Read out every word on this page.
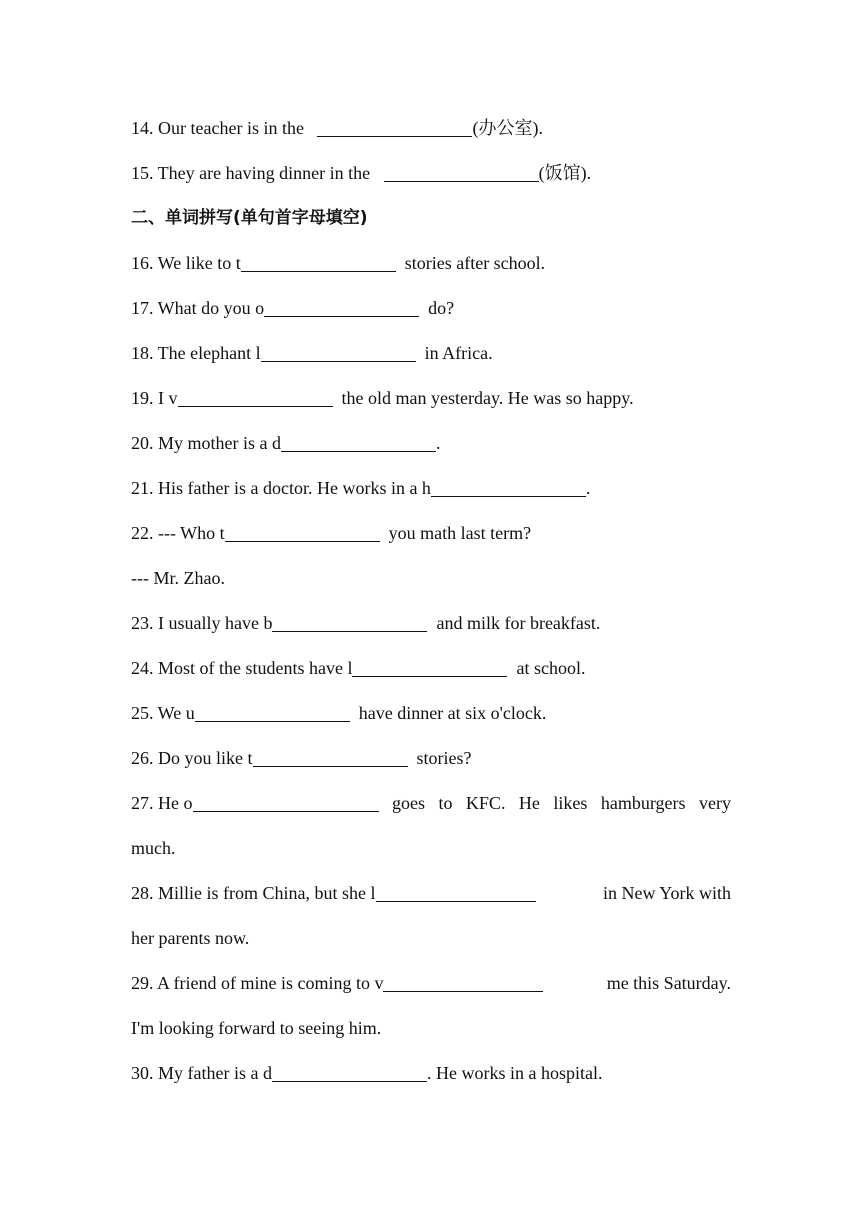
14. Our teacher is in the	(办公室).
15. They are having dinner in the	(饭馆).
二、单词拼写(单句首字母填空)
16. We like to t	stories after school.
17. What do you o	do?
18. The elephant l	in Africa.
19. I v	the old man yesterday. He was so happy.
20. My mother is a d	.
21. His father is a doctor. He works in a h	.
22. --- Who t	you math last term?
--- Mr. Zhao.
23. I usually have b	and milk for breakfast.
24. Most of the students have l	at school.
25. We u	have dinner at six o'clock.
26. Do you like t	stories?
27. He o	goes to KFC. He likes hamburgers very
much.
28. Millie is from China, but she l	in New York with
her parents now.
29. A friend of mine is coming to v	me this Saturday.
I'm looking forward to seeing him.
30. My father is a d	. He works in a hospital.
